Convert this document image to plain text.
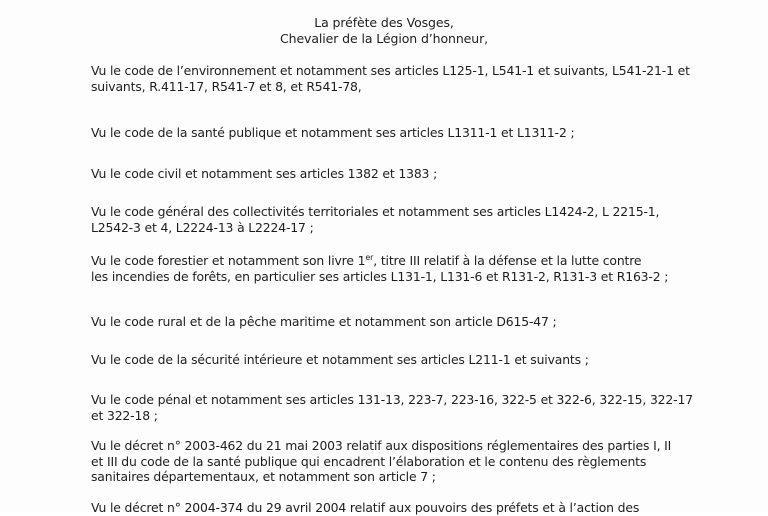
La préfète des Vosges,
Chevalier de la Légion d’honneur,
Vu le code de l’environnement et notamment ses articles L125-1, L541-1 et suivants, L541-21-1 et
suivants, R.411-17, R541-7 et 8, et R541-78,
Vu le code de la santé publique et notamment ses articles L1311-1 et L1311-2 ;
Vu le code civil et notamment ses articles 1382 et 1383 ;
Vu le code général des collectivités territoriales et notamment ses articles L1424-2, L 2215-1,
L2542-3 et 4, L2224-13 à L2224-17 ;
Vu le code forestier et notamment son livre 1er, titre III relatif à la défense et la lutte contre
les incendies de forêts, en particulier ses articles L131-1, L131-6 et R131-2, R131-3 et R163-2 ;
Vu le code rural et de la pêche maritime et notamment son article D615-47 ;
Vu le code de la sécurité intérieure et notamment ses articles L211-1 et suivants ;
Vu le code pénal et notamment ses articles 131-13, 223-7, 223-16, 322-5 et 322-6, 322-15, 322-17
et 322-18 ;
Vu le décret n° 2003-462 du 21 mai 2003 relatif aux dispositions réglementaires des parties I, II
et III du code de la santé publique qui encadrent l’élaboration et le contenu des règlements
sanitaires départementaux, et notamment son article 7 ;
Vu le décret n° 2004-374 du 29 avril 2004 relatif aux pouvoirs des préfets et à l’action des
